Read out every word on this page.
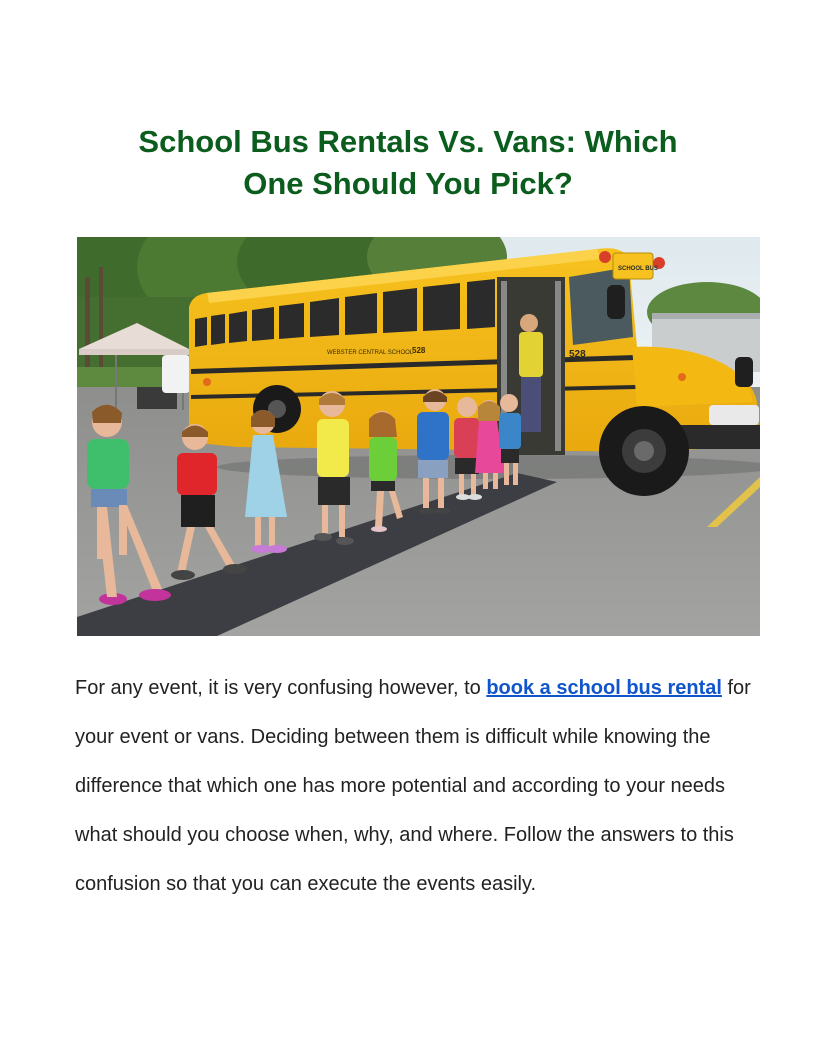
School Bus Rentals Vs. Vans: Which
One Should You Pick?
WEBSTER CENTRAL SCHOOL
528	528
SCHOOL BUS

For any event, it is very confusing however, to book a school bus rental for your event or vans. Deciding between them is difficult while knowing the difference that which one has more potential and according to your needs what should you choose when, why, and where. Follow the answers to this confusion so that you can execute the events easily.
